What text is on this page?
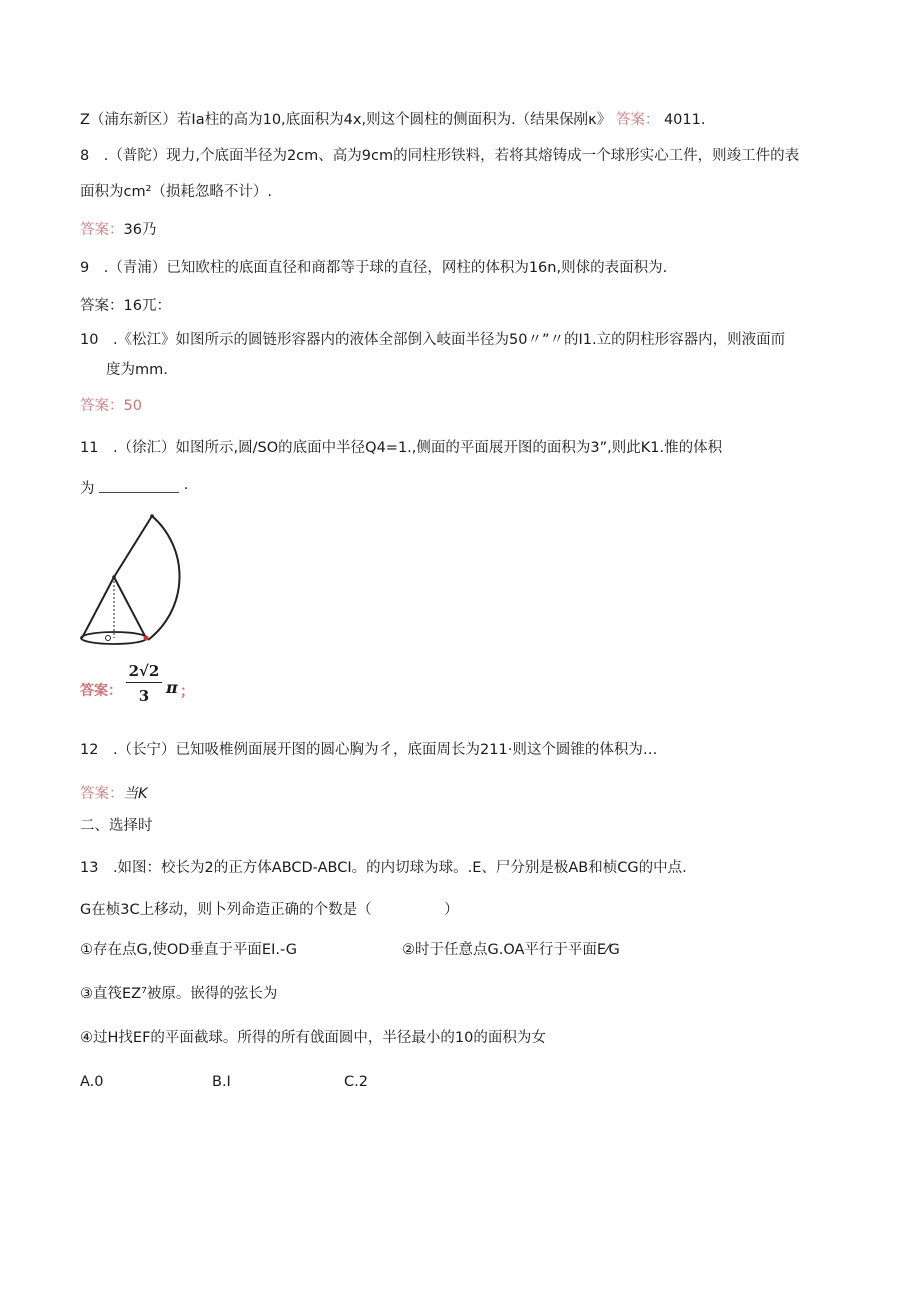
Z（浦东新区）若Ia柱的高为10,底面积为4x,则这个圆柱的侧面积为.（结果保剐κ》 答案： 4011.
8　.（普陀）现力,个底面半径为2cm、高为9cm的同柱形铁料，若将其熔铸成一个球形实心工件，则竣工件的表
面积为cm²（损耗忽略不计）.
答案：36乃
9　.（青浦）已知欧柱的底面直径和商都等于球的直径，网柱的体积为16n,则俅的表面积为.
答案：16兀：
10　.《松江》如图所示的圆链形容器内的液体全部倒入岐面半径为50〃”〃的I1.立的阴柱形容器内，则液面而
度为mm.
答案：50
11　.（徐汇）如图所示,圆/SO的底面中半径Q4=1.,侧面的平面展开图的面积为3”,则此K1.惟的体积
为	·
答案： $\frac{2√2}{3}$ π ；
12　.（长宁）已知吸椎例面展开图的圆心胸为彳，底面周长为211·则这个圆锥的体积为…
答案：当K
二、选择时
13　.如图：校长为2的正方体ABCD-ABCI。的内切球为球。.E、尸分别是极AB和桢CG的中点.
G在桢3C上移动，则卜列命造正确的个数是（　　　　　）
①存在点G,使OD垂直于平面EI.-G	②时于任意点G.OA平行于平面E⁄G
③直筏EZ⁷被原。嵌得的弦长为
④过H找EF的平面截球。所得的所有戗面圆中，半径最小的10的面积为女
A.0	B.I	C.2
